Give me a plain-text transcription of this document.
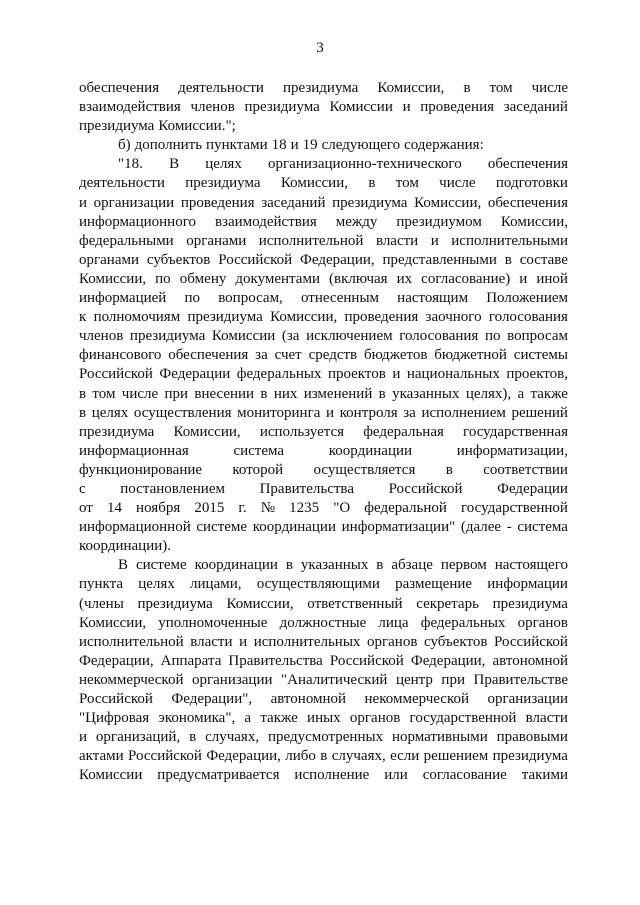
3
обеспечения деятельности президиума Комиссии, в том числе
взаимодействия членов президиума Комиссии и проведения заседаний
президиума Комиссии.";
б) дополнить пунктами 18 и 19 следующего содержания:
"18. В целях организационно-технического обеспечения
деятельности президиума Комиссии, в том числе подготовки
и организации проведения заседаний президиума Комиссии, обеспечения
информационного взаимодействия между президиумом Комиссии,
федеральными органами исполнительной власти и исполнительными
органами субъектов Российской Федерации, представленными в составе
Комиссии, по обмену документами (включая их согласование) и иной
информацией по вопросам, отнесенным настоящим Положением
к полномочиям президиума Комиссии, проведения заочного голосования
членов президиума Комиссии (за исключением голосования по вопросам
финансового обеспечения за счет средств бюджетов бюджетной системы
Российской Федерации федеральных проектов и национальных проектов,
в том числе при внесении в них изменений в указанных целях), а также
в целях осуществления мониторинга и контроля за исполнением решений
президиума Комиссии, используется федеральная государственная
информационная	система	координации	информатизации,
функционирование которой осуществляется в соответствии
с постановлением Правительства Российской Федерации
от 14 ноября 2015 г. № 1235 "О федеральной государственной
информационной системе координации информатизации" (далее - система
координации).
В системе координации в указанных в абзаце первом настоящего
пункта целях лицами, осуществляющими размещение информации
(члены президиума Комиссии, ответственный секретарь президиума
Комиссии, уполномоченные должностные лица федеральных органов
исполнительной власти и исполнительных органов субъектов Российской
Федерации, Аппарата Правительства Российской Федерации, автономной
некоммерческой организации "Аналитический центр при Правительстве
Российской Федерации", автономной некоммерческой организации
"Цифровая экономика", а также иных органов государственной власти
и организаций, в случаях, предусмотренных нормативными правовыми
актами Российской Федерации, либо в случаях, если решением президиума
Комиссии предусматривается исполнение или согласование такими
